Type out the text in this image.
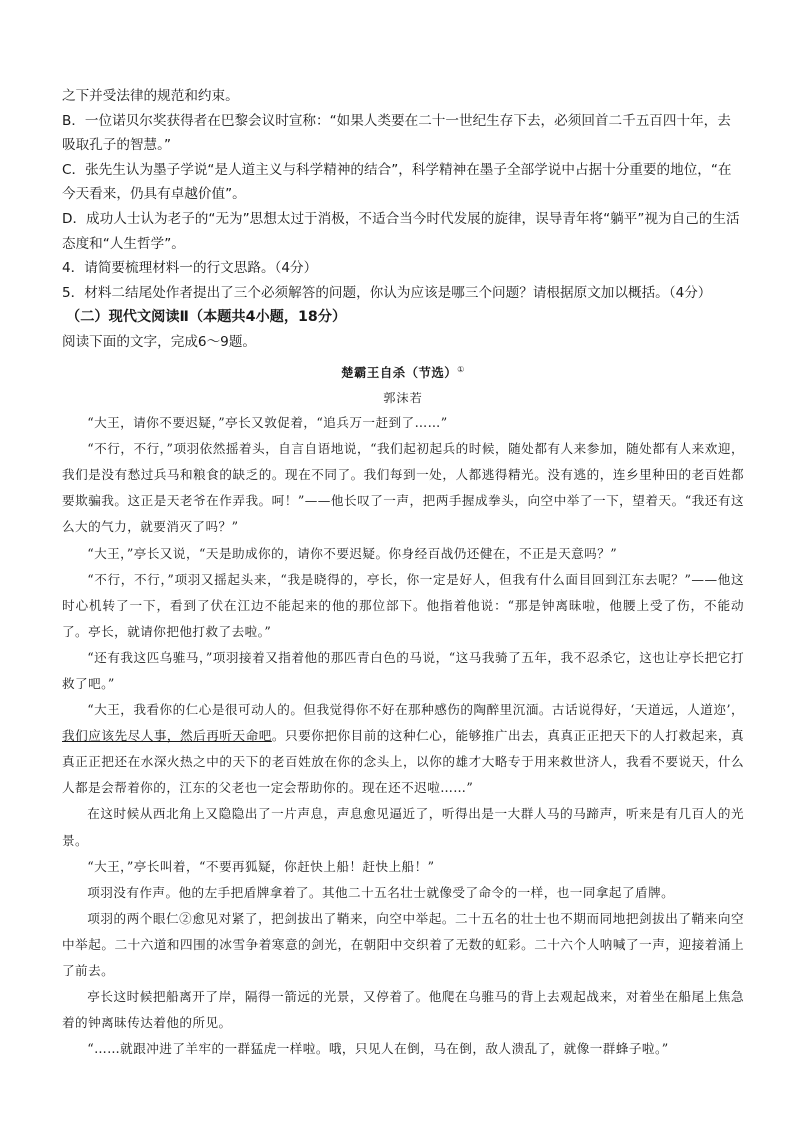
之下并受法律的规范和约束。

B．一位诺贝尔奖获得者在巴黎会议时宣称：“如果人类要在二十一世纪生存下去，必须回首二千五百四十年，去吸取孔子的智慧。”

C．张先生认为墨子学说“是人道主义与科学精神的结合”，科学精神在墨子全部学说中占据十分重要的地位，“在今天看来，仍具有卓越价值”。

D．成功人士认为老子的“无为”思想太过于消极，不适合当今时代发展的旋律，误导青年将“躺平”视为自己的生活态度和“人生哲学”。

4．请简要梳理材料一的行文思路。（4分）

5．材料二结尾处作者提出了三个必须解答的问题，你认为应该是哪三个问题？请根据原文加以概括。（4分）

（二）现代文阅读Ⅱ（本题共4小题，18分）

阅读下面的文字，完成6～9题。

楚霸王自杀（节选）①
郭沫若

“大王，请你不要迟疑，”亭长又敦促着，“追兵万一赶到了……”

“不行，不行，”项羽依然摇着头，自言自语地说，“我们起初起兵的时候，随处都有人来参加，随处都有人来欢迎，我们是没有愁过兵马和粮食的缺乏的。现在不同了。我们每到一处，人都逃得精光。没有逃的，连乡里种田的老百姓都要欺骗我。这正是天老爷在作弄我。呵！”——他长叹了一声，把两手握成拳头，向空中举了一下，望着天。“我还有这么大的气力，就要消灭了吗？”

“大王，”亭长又说，“天是助成你的，请你不要迟疑。你身经百战仍还健在，不正是天意吗？”

“不行，不行，”项羽又摇起头来，“我是晓得的，亭长，你一定是好人，但我有什么面目回到江东去呢？”——他这时心机转了一下，看到了伏在江边不能起来的他的那位部下。他指着他说：“那是钟离昧啦，他腰上受了伤，不能动了。亭长，就请你把他打救了去啦。”

“还有我这匹乌骓马，”项羽接着又指着他的那匹青白色的马说，“这马我骑了五年，我不忍杀它，这也让亭长把它打救了吧。”

“大王，我看你的仁心是很可动人的。但我觉得你不好在那种感伤的陶醉里沉湎。古话说得好，‘天道远，人道迩’，我们应该先尽人事，然后再听天命吧。只要你把你目前的这种仁心，能够推广出去，真真正正把天下的人打救起来，真真正正把还在水深火热之中的天下的老百姓放在你的念头上，以你的雄才大略专于用来救世济人，我看不要说天，什么人都是会帮着你的，江东的父老也一定会帮助你的。现在还不迟啦……”

在这时候从西北角上又隐隐出了一片声息，声息愈见逼近了，听得出是一大群人马的马蹄声，听来是有几百人的光景。

“大王，”亭长叫着，“不要再狐疑，你赶快上船！赶快上船！”

项羽没有作声。他的左手把盾牌拿着了。其他二十五名壮士就像受了命令的一样，也一同拿起了盾牌。

项羽的两个眼仁②愈见对紧了，把剑拔出了鞘来，向空中举起。二十五名的壮士也不期而同地把剑拔出了鞘来向空中举起。二十六道和四围的冰雪争着寒意的剑光，在朝阳中交织着了无数的虹彩。二十六个人呐喊了一声，迎接着涌上了前去。

亭长这时候把船离开了岸，隔得一箭远的光景，又停着了。他爬在乌骓马的背上去观起战来，对着坐在船尾上焦急着的钟离昧传达着他的所见。

“……就跟冲进了羊牢的一群猛虎一样啦。哦，只见人在倒，马在倒，敌人溃乱了，就像一群蜂子啦。”
